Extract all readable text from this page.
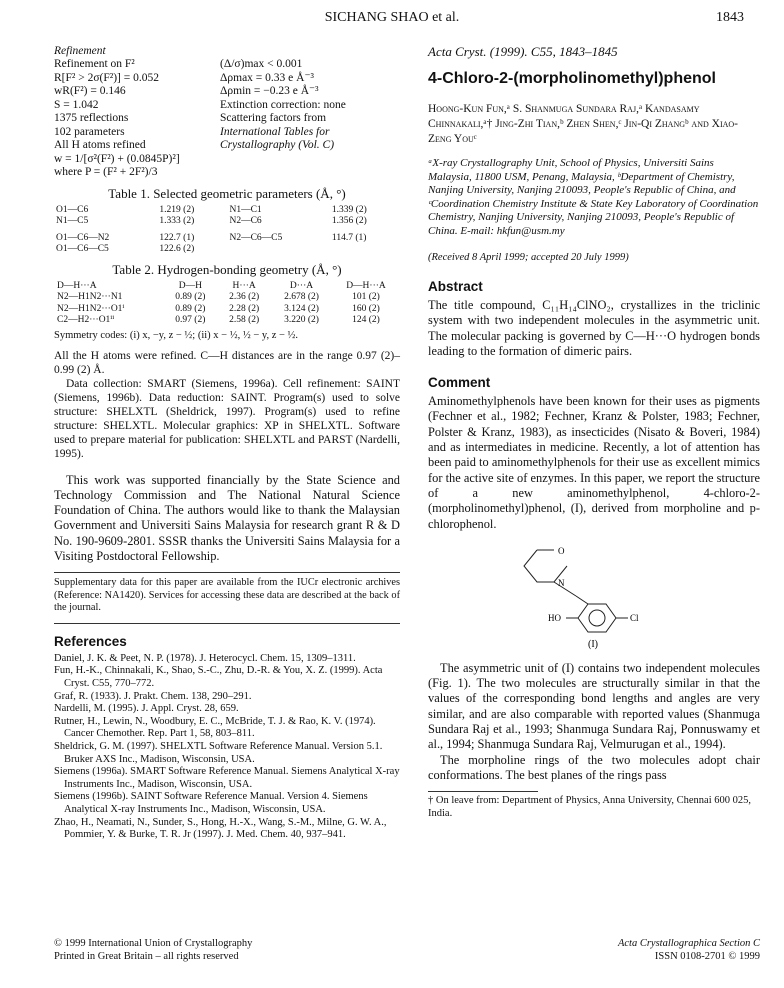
SICHANG SHAO et al.	1843
Refinement
Refinement on F²
R[F² > 2σ(F²)] = 0.052
wR(F²) = 0.146
S = 1.042
1375 reflections
102 parameters
All H atoms refined
w = 1/[σ²(F²) + (0.0845P)²]
where P = (F² + 2F²)/3
(Δ/σ)max < 0.001
Δρmax = 0.33 e Å⁻³
Δρmin = −0.23 e Å⁻³
Extinction correction: none
Scattering factors from
International Tables for
Crystallography (Vol. C)
Table 1. Selected geometric parameters (Å, °)
O1—C6	1.219 (2)	N1—C1	1.339 (2)
N1—C5	1.333 (2)	N2—C6	1.356 (2)

O1—C6—N2	122.7 (1)	N2—C6—C5	114.7 (1)
O1—C6—C5	122.6 (2)		
Table 2. Hydrogen-bonding geometry (Å, °)
D—H···A	D—H	H···A	D···A	D—H···A
N2—H1N2···N1	0.89 (2)	2.36 (2)	2.678 (2)	101 (2)
N2—H1N2···O1ⁱ	0.89 (2)	2.28 (2)	3.124 (2)	160 (2)
C2—H2···O1ⁱⁱ	0.97 (2)	2.58 (2)	3.220 (2)	124 (2)
Symmetry codes: (i) x, −y, z − ½; (ii) x − ½, ½ − y, z − ½.
All the H atoms were refined. C—H distances are in the range 0.97 (2)–0.99 (2) Å.
Data collection: SMART (Siemens, 1996a). Cell refinement: SAINT (Siemens, 1996b). Data reduction: SAINT. Program(s) used to solve structure: SHELXTL (Sheldrick, 1997). Program(s) used to refine structure: SHELXTL. Molecular graphics: XP in SHELXTL. Software used to prepare material for publication: SHELXTL and PARST (Nardelli, 1995).
This work was supported financially by the State Science and Technology Commission and The National Natural Science Foundation of China. The authors would like to thank the Malaysian Government and Universiti Sains Malaysia for research grant R & D No. 190-9609-2801. SSSR thanks the Universiti Sains Malaysia for a Visiting Postdoctoral Fellowship.
Supplementary data for this paper are available from the IUCr electronic archives (Reference: NA1420). Services for accessing these data are described at the back of the journal.
References
Daniel, J. K. & Peet, N. P. (1978). J. Heterocycl. Chem. 15, 1309–1311.
Fun, H.-K., Chinnakali, K., Shao, S.-C., Zhu, D.-R. & You, X. Z. (1999). Acta Cryst. C55, 770–772.
Graf, R. (1933). J. Prakt. Chem. 138, 290–291.
Nardelli, M. (1995). J. Appl. Cryst. 28, 659.
Rutner, H., Lewin, N., Woodbury, E. C., McBride, T. J. & Rao, K. V. (1974). Cancer Chemother. Rep. Part 1, 58, 803–811.
Sheldrick, G. M. (1997). SHELXTL Software Reference Manual. Version 5.1. Bruker AXS Inc., Madison, Wisconsin, USA.
Siemens (1996a). SMART Software Reference Manual. Siemens Analytical X-ray Instruments Inc., Madison, Wisconsin, USA.
Siemens (1996b). SAINT Software Reference Manual. Version 4. Siemens Analytical X-ray Instruments Inc., Madison, Wisconsin, USA.
Zhao, H., Neamati, N., Sunder, S., Hong, H.-X., Wang, S.-M., Milne, G. W. A., Pommier, Y. & Burke, T. R. Jr (1997). J. Med. Chem. 40, 937–941.
© 1999 International Union of Crystallography
Printed in Great Britain – all rights reserved
Acta Cryst. (1999). C55, 1843–1845
4-Chloro-2-(morpholinomethyl)phenol
Hoong-Kun Fun,ᵃ S. Shanmuga Sundara Raj,ᵃ Kandasamy Chinnakali,ᵃ† Jing-Zhi Tian,ᵇ Zhen Shen,ᶜ Jin-Qi Zhangᵇ and Xiao-Zeng Youᶜ
ᵃX-ray Crystallography Unit, School of Physics, Universiti Sains Malaysia, 11800 USM, Penang, Malaysia, ᵇDepartment of Chemistry, Nanjing University, Nanjing 210093, People's Republic of China, and ᶜCoordination Chemistry Institute & State Key Laboratory of Coordination Chemistry, Nanjing University, Nanjing 210093, People's Republic of China. E-mail: hkfun@usm.my
(Received 8 April 1999; accepted 20 July 1999)
Abstract
The title compound, C₁₁H₁₄ClNO₂, crystallizes in the triclinic system with two independent molecules in the asymmetric unit. The molecular packing is governed by C—H···O hydrogen bonds leading to the formation of dimeric pairs.
Comment
Aminomethylphenols have been known for their uses as pigments (Fechner et al., 1982; Fechner, Kranz & Polster, 1983; Fechner, Polster & Kranz, 1983), as insecticides (Nisato & Boveri, 1984) and as intermediates in medicine. Recently, a lot of attention has been paid to aminomethylphenols for their use as excellent mimics for the active site of enzymes. In this paper, we report the structure of a new aminomethylphenol, 4-chloro-2-(morpholinomethyl)phenol, (I), derived from morpholine and p-chlorophenol.
O
N
HO	Cl
(I)
The asymmetric unit of (I) contains two independent molecules (Fig. 1). The two molecules are structurally similar in that the values of the corresponding bond lengths and angles are very similar, and are also comparable with reported values (Shanmuga Sundara Raj et al., 1993; Shanmuga Sundara Raj, Ponnuswamy et al., 1994; Shanmuga Sundara Raj, Velmurugan et al., 1994).
The morpholine rings of the two molecules adopt chair conformations. The best planes of the rings pass
† On leave from: Department of Physics, Anna University, Chennai 600 025, India.
Acta Crystallographica Section C
ISSN 0108-2701 © 1999
